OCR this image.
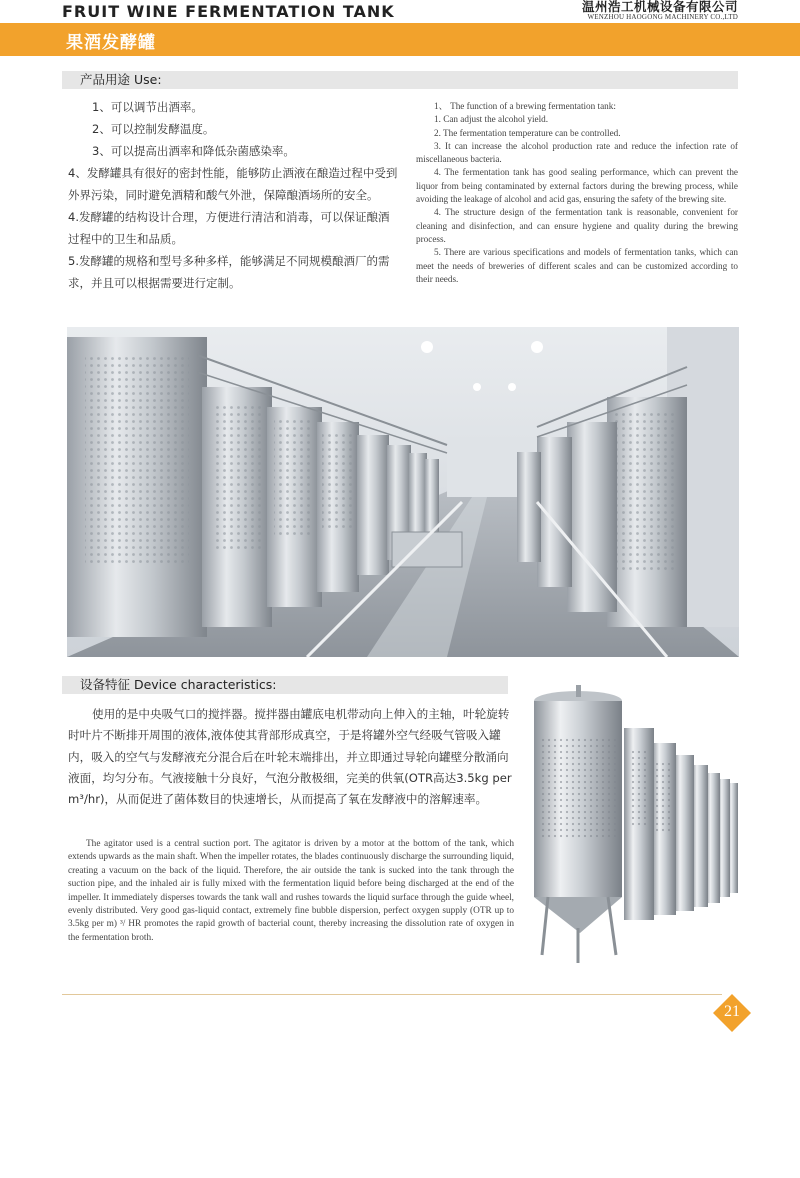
FRUIT WINE FERMENTATION TANK	温州浩工机械设备有限公司
WENZHOU HAOGONG MACHINERY CO.,LTD
果酒发酵罐
产品用途 Use:

1、可以调节出酒率。

2、可以控制发酵温度。

3、可以提高出酒率和降低杂菌感染率。

4、发酵罐具有很好的密封性能，能够防止酒液在酿造过程中受到外界污染，同时避免酒精和酸气外泄，保障酿酒场所的安全。

4.发酵罐的结构设计合理，方便进行清洁和消毒，可以保证酿酒过程中的卫生和品质。

5.发酵罐的规格和型号多种多样，能够满足不同规模酿酒厂的需求，并且可以根据需要进行定制。

1、 The function of a brewing fermentation tank:

1. Can adjust the alcohol yield.

2. The fermentation temperature can be controlled.

3. It can increase the alcohol production rate and reduce the infection rate of miscellaneous bacteria.

4. The fermentation tank has good sealing performance, which can prevent the liquor from being contaminated by external factors during the brewing process, while avoiding the leakage of alcohol and acid gas, ensuring the safety of the brewing site.

4. The structure design of the fermentation tank is reasonable, convenient for cleaning and disinfection, and can ensure hygiene and quality during the brewing process.

5. There are various specifications and models of fermentation tanks, which can meet the needs of breweries of different scales and can be customized according to their needs.

设备特征 Device characteristics:

使用的是中央吸气口的搅拌器。搅拌器由罐底电机带动向上伸入的主轴，叶轮旋转时叶片不断排开周围的液体,液体使其背部形成真空，于是将罐外空气经吸气管吸入罐内，吸入的空气与发酵液充分混合后在叶轮末端排出，并立即通过导轮向罐壁分散涌向液面，均匀分布。气液接触十分良好，气泡分散极细，完美的供氧(OTR高达3.5kg per m³/hr)，从而促进了菌体数目的快速增长，从而提高了氧在发酵液中的溶解速率。

The agitator used is a central suction port. The agitator is driven by a motor at the bottom of the tank, which extends upwards as the main shaft. When the impeller rotates, the blades continuously discharge the surrounding liquid, creating a vacuum on the back of the liquid. Therefore, the air outside the tank is sucked into the tank through the suction pipe, and the inhaled air is fully mixed with the fermentation liquid before being discharged at the end of the impeller. It immediately disperses towards the tank wall and rushes towards the liquid surface through the guide wheel, evenly distributed. Very good gas-liquid contact, extremely fine bubble dispersion, perfect oxygen supply (OTR up to 3.5kg per m) ³/ HR promotes the rapid growth of bacterial count, thereby increasing the dissolution rate of oxygen in the fermentation broth.

21
